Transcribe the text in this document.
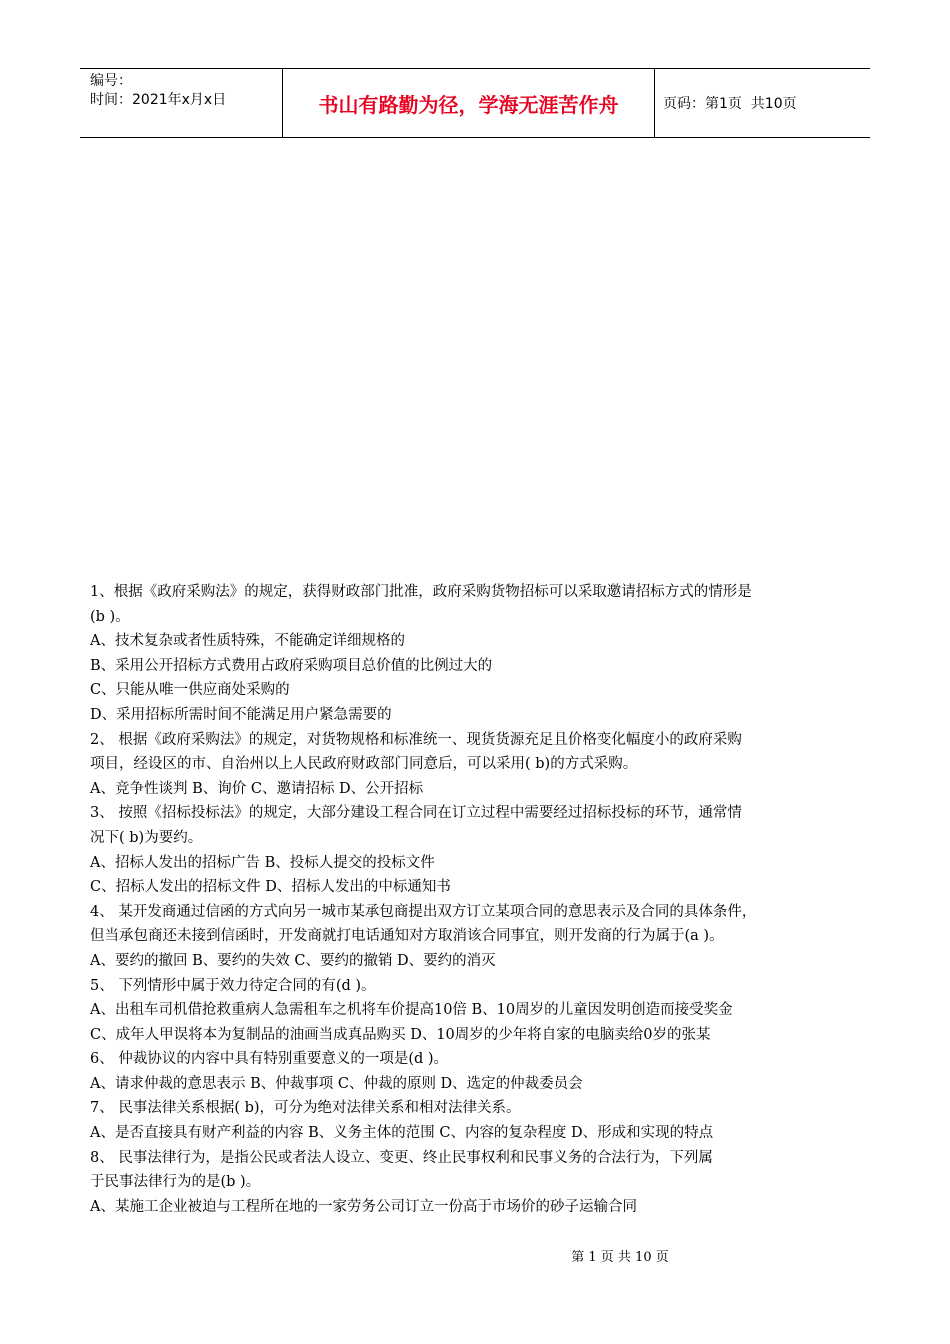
编号：
时间：2021年x月x日	书山有路勤为径，学海无涯苦作舟	页码：第1页  共10页
1、根据《政府采购法》的规定，获得财政部门批准，政府采购货物招标可以采取邀请招标方式的情形是
(b )。
A、技术复杂或者性质特殊，不能确定详细规格的
B、采用公开招标方式费用占政府采购项目总价值的比例过大的
C、只能从唯一供应商处采购的
D、采用招标所需时间不能满足用户紧急需要的
2、 根据《政府采购法》的规定，对货物规格和标准统一、现货货源充足且价格变化幅度小的政府采购
项目，经设区的市、自治州以上人民政府财政部门同意后，可以采用( b)的方式采购。
A、竞争性谈判 B、询价 C、邀请招标 D、公开招标
3、 按照《招标投标法》的规定，大部分建设工程合同在订立过程中需要经过招标投标的环节，通常情
况下( b)为要约。
A、招标人发出的招标广告 B、投标人提交的投标文件
C、招标人发出的招标文件 D、招标人发出的中标通知书
4、 某开发商通过信函的方式向另一城市某承包商提出双方订立某项合同的意思表示及合同的具体条件，
但当承包商还未接到信函时，开发商就打电话通知对方取消该合同事宜，则开发商的行为属于(a )。
A、要约的撤回 B、要约的失效 C、要约的撤销 D、要约的消灭
5、 下列情形中属于效力待定合同的有(d )。
A、出租车司机借抢救重病人急需租车之机将车价提高10倍 B、10周岁的儿童因发明创造而接受奖金
C、成年人甲误将本为复制品的油画当成真品购买 D、10周岁的少年将自家的电脑卖给0岁的张某
6、 仲裁协议的内容中具有特别重要意义的一项是(d )。
A、请求仲裁的意思表示 B、仲裁事项 C、仲裁的原则 D、选定的仲裁委员会
7、 民事法律关系根据( b)，可分为绝对法律关系和相对法律关系。
A、是否直接具有财产利益的内容 B、义务主体的范围 C、内容的复杂程度 D、形成和实现的特点
8、 民事法律行为，是指公民或者法人设立、变更、终止民事权利和民事义务的合法行为，下列属
于民事法律行为的是(b )。
A、某施工企业被迫与工程所在地的一家劳务公司订立一份高于市场价的砂子运输合同
第 1 页 共 10 页
